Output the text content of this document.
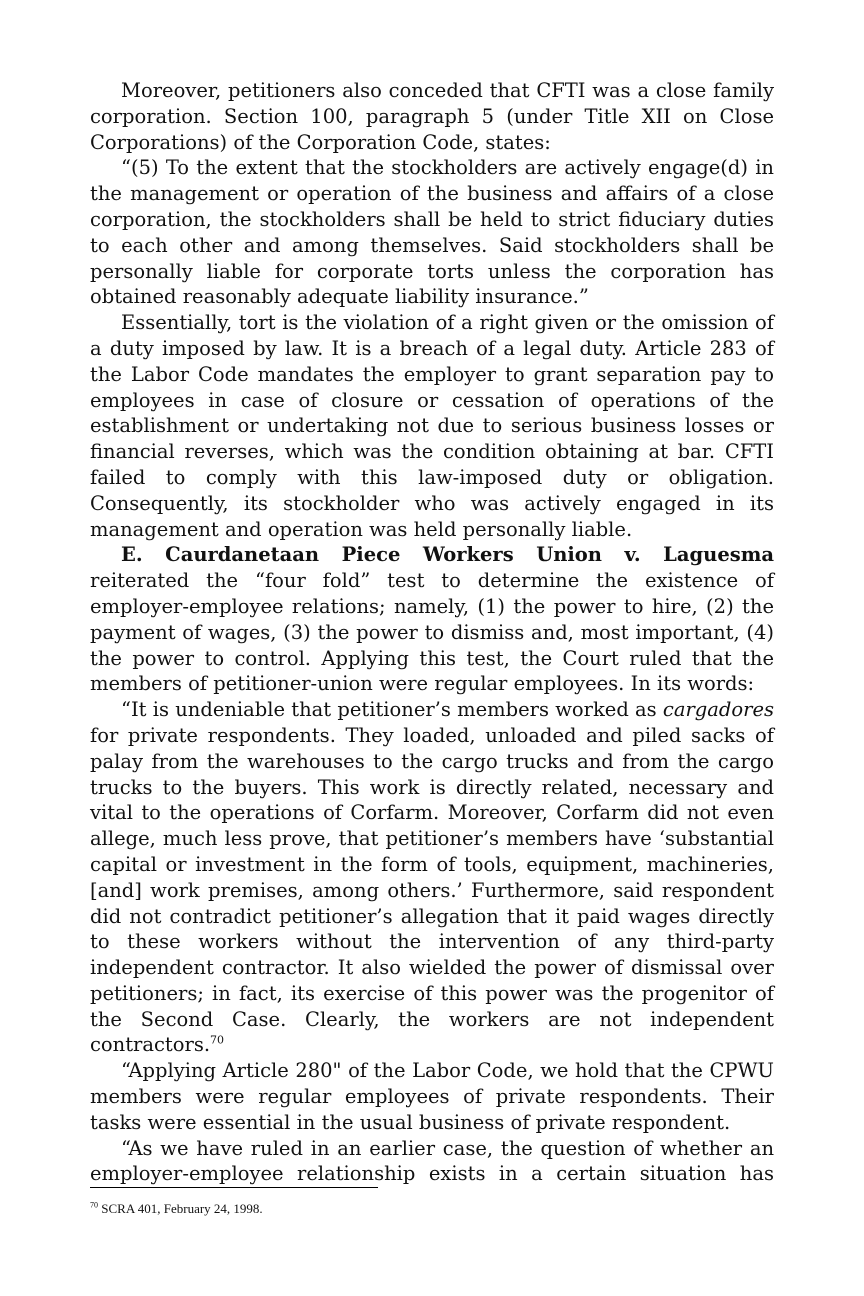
Moreover, petitioners also conceded that CFTI was a close family corporation. Section 100, paragraph 5 (under Title XII on Close Corporations) of the Corporation Code, states:

“(5) To the extent that the stockholders are actively engage(d) in the management or operation of the business and affairs of a close corporation, the stockholders shall be held to strict fiduciary duties to each other and among themselves. Said stockholders shall be personally liable for corporate torts unless the corporation has obtained reasonably adequate liability insurance.”

Essentially, tort is the violation of a right given or the omission of a duty imposed by law. It is a breach of a legal duty. Article 283 of the Labor Code mandates the employer to grant separation pay to employees in case of closure or cessation of operations of the establishment or undertaking not due to serious business losses or financial reverses, which was the condition obtaining at bar. CFTI failed to comply with this law-imposed duty or obligation. Consequently, its stockholder who was actively engaged in its management and operation was held personally liable.

E. Caurdanetaan Piece Workers Union v. Laguesma reiterated the “four fold” test to determine the existence of employer-employee relations; namely, (1) the power to hire, (2) the payment of wages, (3) the power to dismiss and, most important, (4) the power to control. Applying this test, the Court ruled that the members of petitioner-union were regular employees. In its words:

“It is undeniable that petitioner’s members worked as cargadores for private respondents. They loaded, unloaded and piled sacks of palay from the warehouses to the cargo trucks and from the cargo trucks to the buyers. This work is directly related, necessary and vital to the operations of Corfarm. Moreover, Corfarm did not even allege, much less prove, that petitioner’s members have ‘substantial capital or investment in the form of tools, equipment, machineries, [and] work premises, among others.’ Furthermore, said respondent did not contradict petitioner’s allegation that it paid wages directly to these workers without the intervention of any third-party independent contractor. It also wielded the power of dismissal over petitioners; in fact, its exercise of this power was the progenitor of the Second Case. Clearly, the workers are not independent contractors.$^{70}$

“Applying Article 280" of the Labor Code, we hold that the CPWU members were regular employees of private respondents. Their tasks were essential in the usual business of private respondent.

“As we have ruled in an earlier case, the question of whether an employer-employee relationship exists in a certain situation has

$^{70}$ SCRA 401, February 24, 1998.
